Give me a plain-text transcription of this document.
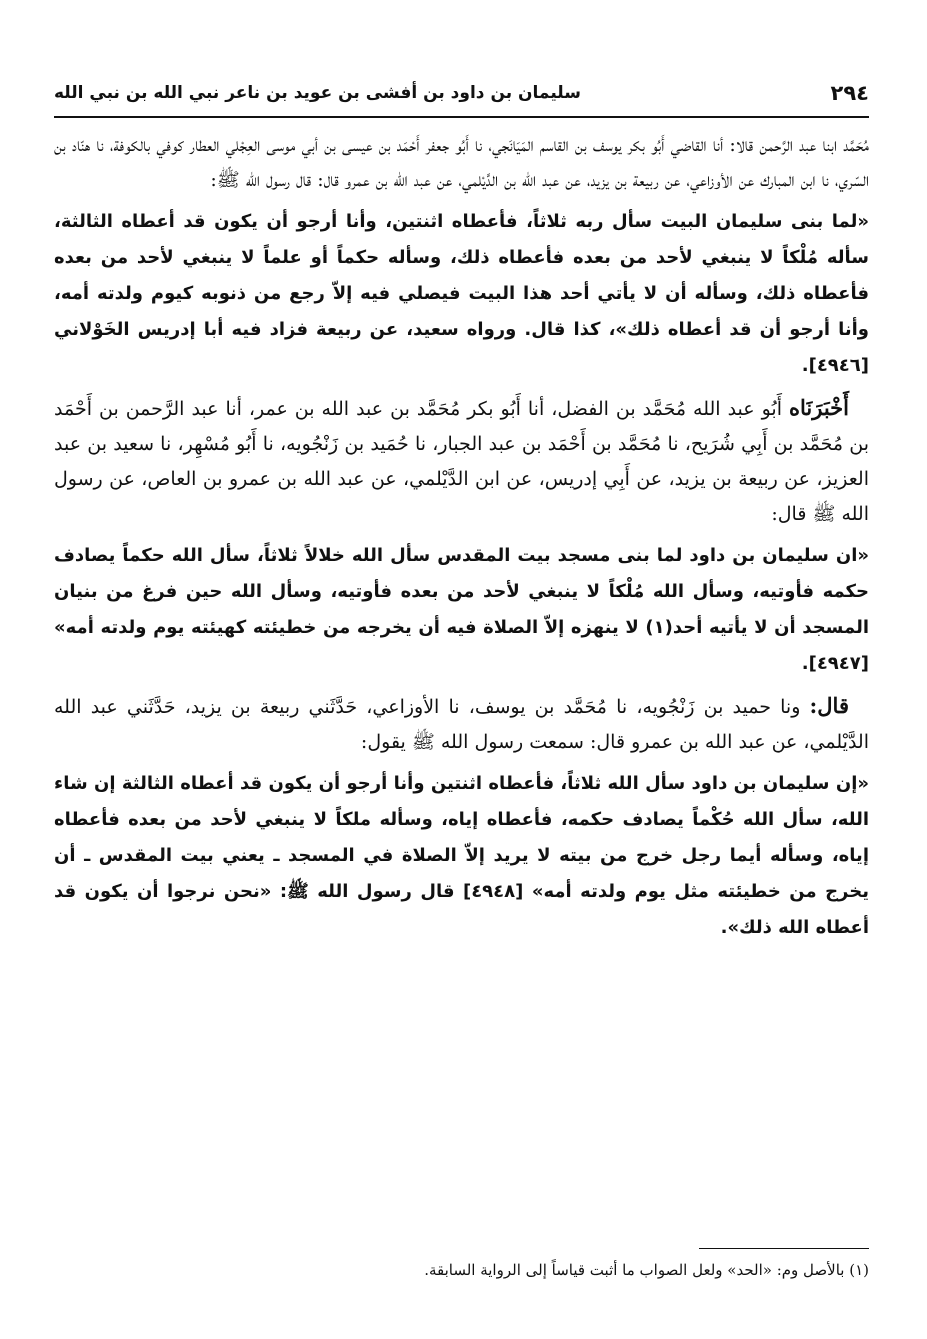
٢٩٤
سليمان بن داود بن أفشى بن عويد بن ناعر نبي الله بن نبي الله

مُحَمَّد ابنا عبد الرَّحمن قالا: أنا القاضي أَبُو بكر يوسف بن القاسم المَيَانَجي، نا أَبُو جعفر أَحْمَد بن عيسى بن أبي موسى العِجْلي العطار كوفي بالكوفة، نا هنّاد بن السّري، نا ابن المبارك عن الأوزاعي، عن ربيعة بن يزيد، عن عبد الله بن الدَّيْلمي، عن عبد الله بن عمرو قال: قال رسول الله ﷺ:

«لما بنى سليمان البيت سأل ربه ثلاثاً، فأعطاه اثنتين، وأنا أرجو أن يكون قد أعطاه الثالثة، سأله مُلْكاً لا ينبغي لأحد من بعده فأعطاه ذلك، وسأله حكماً أو علماً لا ينبغي لأحد من بعده فأعطاه ذلك، وسأله أن لا يأتي أحد هذا البيت فيصلي فيه إلاّ رجع من ذنوبه كيوم ولدته أمه، وأنا أرجو أن قد أعطاه ذلك»، كذا قال. ورواه سعيد، عن ربيعة فزاد فيه أبا إدريس الخَوْلاني [٤٩٤٦].

أَخْبَرَنَاه أَبُو عبد الله مُحَمَّد بن الفضل، أنا أَبُو بكر مُحَمَّد بن عبد الله بن عمر، أنا عبد الرَّحمن بن أَحْمَد بن مُحَمَّد بن أَبِي شُرَيح، نا مُحَمَّد بن أَحْمَد بن عبد الجبار، نا حُمَيد بن زَنْجُويه، نا أَبُو مُسْهِر، نا سعيد بن عبد العزيز، عن ربيعة بن يزيد، عن أَبِي إدريس، عن ابن الدَّيْلمي، عن عبد الله بن عمرو بن العاص، عن رسول الله ﷺ قال:

«ان سليمان بن داود لما بنى مسجد بيت المقدس سأل الله خلالاً ثلاثاً، سأل الله حكماً يصادف حكمه فأوتيه، وسأل الله مُلْكاً لا ينبغي لأحد من بعده فأوتيه، وسأل الله حين فرغ من بنيان المسجد أن لا يأتيه أحد(١) لا ينهزه إلاّ الصلاة فيه أن يخرجه من خطيئته كهيئته يوم ولدته أمه» [٤٩٤٧].

قال: ونا حميد بن زَنْجُويه، نا مُحَمَّد بن يوسف، نا الأوزاعي، حَدَّثَني ربيعة بن يزيد، حَدَّثَني عبد الله الدَّيْلمي، عن عبد الله بن عمرو قال: سمعت رسول الله ﷺ يقول:

«إن سليمان بن داود سأل الله ثلاثاً، فأعطاه اثنتين وأنا أرجو أن يكون قد أعطاه الثالثة إن شاء الله، سأل الله حُكْماً يصادف حكمه، فأعطاه إياه، وسأله ملكاً لا ينبغي لأحد من بعده فأعطاه إياه، وسأله أيما رجل خرج من بيته لا يريد إلاّ الصلاة في المسجد ـ يعني بيت المقدس ـ أن يخرج من خطيئته مثل يوم ولدته أمه» [٤٩٤٨] قال رسول الله ﷺ: «نحن نرجوا أن يكون قد أعطاه الله ذلك».

(١) بالأصل وم: «الحد» ولعل الصواب ما أثبت قياساً إلى الرواية السابقة.
